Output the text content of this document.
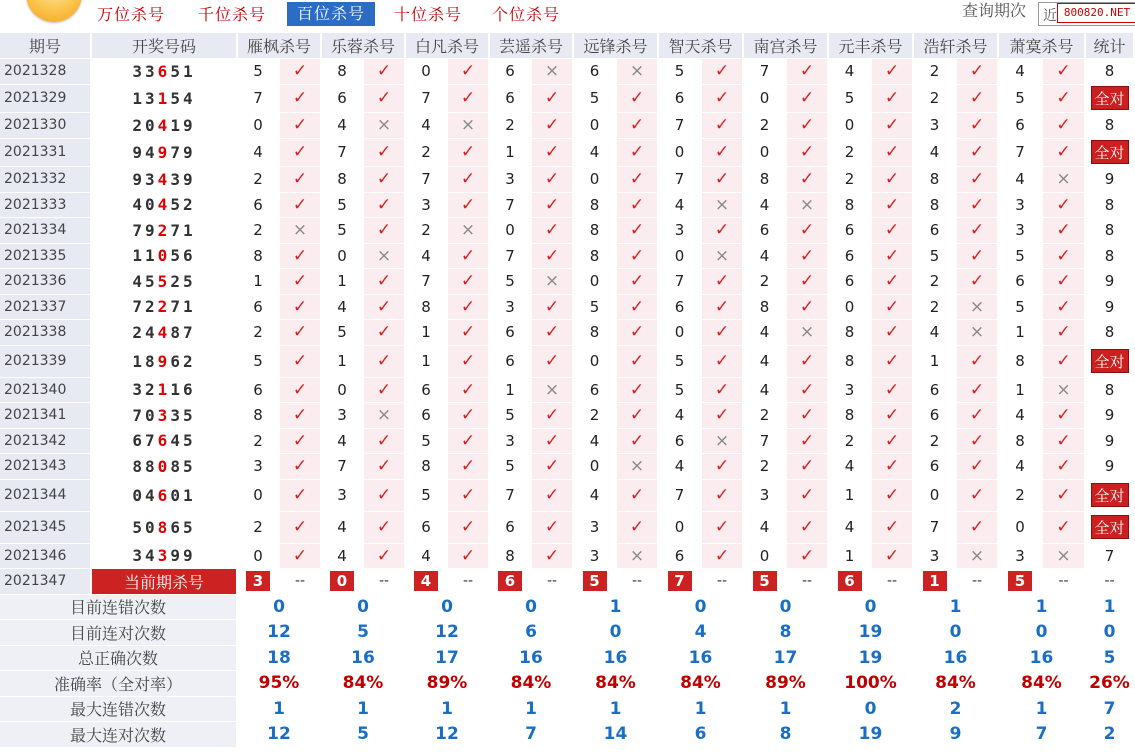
万位杀号 千位杀号	百位杀号	十位杀号 个位杀号	查询期次 近 800820.NET
期号	开奖号码	雁枫杀号	乐蓉杀号	白凡杀号	芸遥杀号	远锋杀号	智天杀号	南宫杀号	元丰杀号	浩轩杀号	萧寞杀号	统计
2021328	3 3 6 5 1	5	✓	8	✓	0	✓	6	×	6	×	5	✓	7	✓	4	✓	2	✓	4	✓	8
2021329	1 3 1 5 4	7	✓	6	✓	7	✓	6	✓	5	✓	6	✓	0	✓	5	✓	2	✓	5	✓	全对
2021330	2 0 4 1 9	0	✓	4	×	4	×	2	✓	0	✓	7	✓	2	✓	0	✓	3	✓	6	✓	8
2021331	9 4 9 7 9	4	✓	7	✓	2	✓	1	✓	4	✓	0	✓	0	✓	2	✓	4	✓	7	✓	全对
2021332	9 3 4 3 9	2	✓	8	✓	7	✓	3	✓	0	✓	7	✓	8	✓	2	✓	8	✓	4	×	9
2021333	4 0 4 5 2	6	✓	5	✓	3	✓	7	✓	8	✓	4	×	4	×	8	✓	8	✓	3	✓	8
2021334	7 9 2 7 1	2	×	5	✓	2	×	0	✓	8	✓	3	✓	6	✓	6	✓	6	✓	3	✓	8
2021335	1 1 0 5 6	8	✓	0	×	4	✓	7	✓	8	✓	0	×	4	✓	6	✓	5	✓	5	✓	8
2021336	4 5 5 2 5	1	✓	1	✓	7	✓	5	×	0	✓	7	✓	2	✓	6	✓	2	✓	6	✓	9
2021337	7 2 2 7 1	6	✓	4	✓	8	✓	3	✓	5	✓	6	✓	8	✓	0	✓	2	×	5	✓	9
2021338	2 4 4 8 7	2	✓	5	✓	1	✓	6	✓	8	✓	0	✓	4	×	8	✓	4	×	1	✓	8
2021339	1 8 9 6 2	5	✓	1	✓	1	✓	6	✓	0	✓	5	✓	4	✓	8	✓	1	✓	8	✓	全对
2021340	3 2 1 1 6	6	✓	0	✓	6	✓	1	×	6	✓	5	✓	4	✓	3	✓	6	✓	1	×	8
2021341	7 0 3 3 5	8	✓	3	×	6	✓	5	✓	2	✓	4	✓	2	✓	8	✓	6	✓	4	✓	9
2021342	6 7 6 4 5	2	✓	4	✓	5	✓	3	✓	4	✓	6	×	7	✓	2	✓	2	✓	8	✓	9
2021343	8 8 0 8 5	3	✓	7	✓	8	✓	5	✓	0	×	4	✓	2	✓	4	✓	6	✓	4	✓	9
2021344	0 4 6 0 1	0	✓	3	✓	5	✓	7	✓	4	✓	7	✓	3	✓	1	✓	0	✓	2	✓	全对
2021345	5 0 8 6 5	2	✓	4	✓	6	✓	6	✓	3	✓	0	✓	4	✓	4	✓	7	✓	0	✓	全对
2021346	3 4 3 9 9	0	✓	4	✓	4	✓	8	✓	3	×	6	✓	0	✓	1	✓	3	×	3	×	7
2021347	当前期杀号	3	--	0	--	4	--	6	--	5	--	7	--	5	--	6	--	1	--	5	--	--
目前连错次数	0	0	0	0	1	0	0	0	1	1	1
目前连对次数	12	5	12	6	0	4	8	19	0	0	0
总正确次数	18	16	17	16	16	16	17	19	16	16	5
准确率（全对率）	95%	84%	89%	84%	84%	84%	89%	100%	84%	84%	26%
最大连错次数	1	1	1	1	1	1	1	0	2	1	7
最大连对次数	12	5	12	7	14	6	8	19	9	7	2
